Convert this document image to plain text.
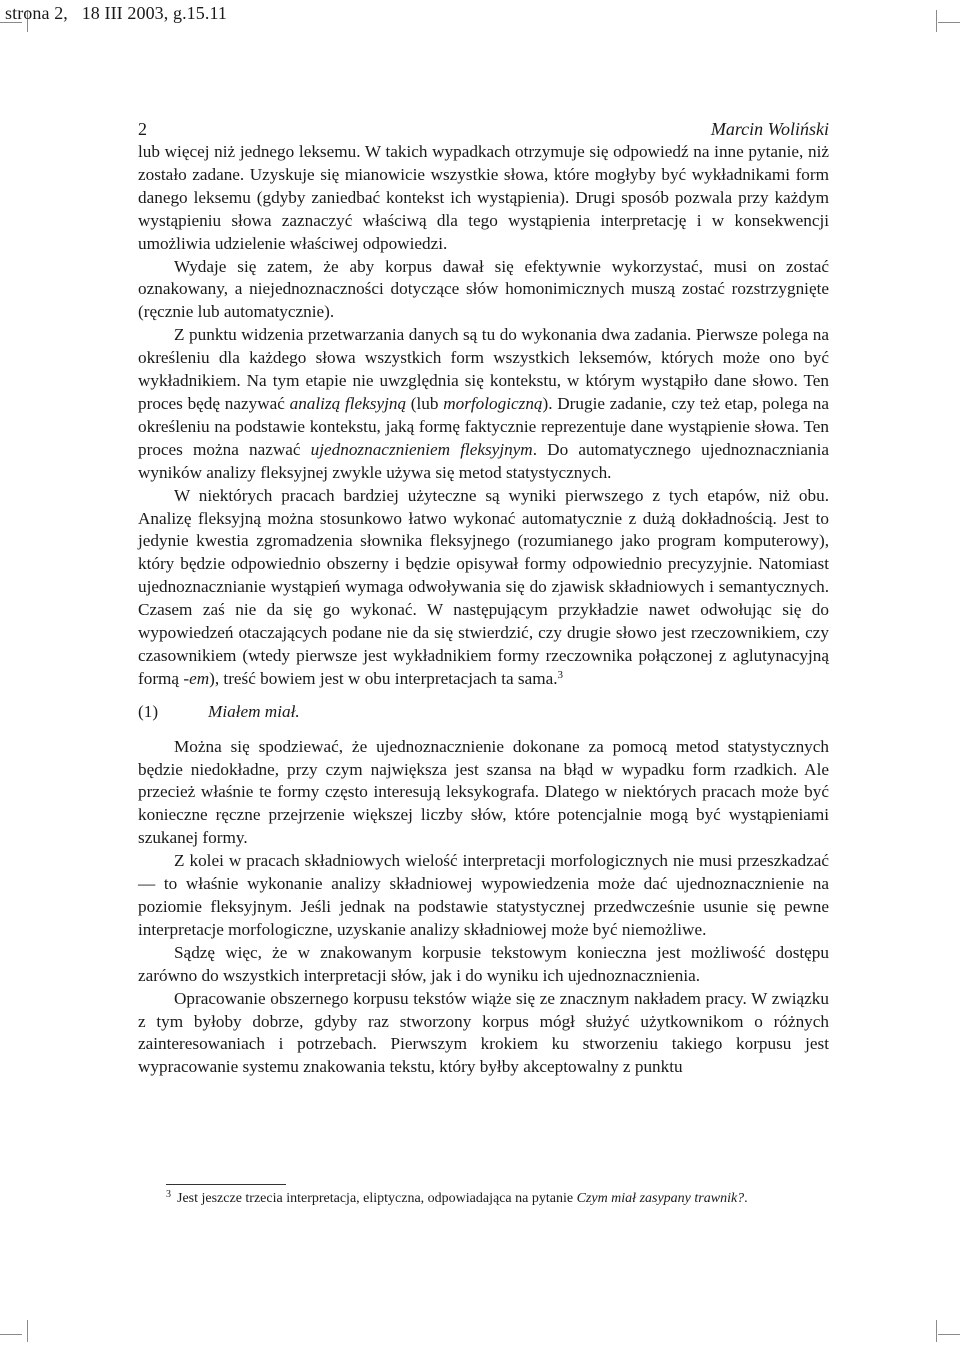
strona 2,   18 III 2003, g.15.11
2	Marcin Woliński

lub więcej niż jednego leksemu. W takich wypadkach otrzymuje się odpowiedź na inne pytanie, niż zostało zadane. Uzyskuje się mianowicie wszystkie słowa, które mogłyby być wykładnikami form danego leksemu (gdyby zaniedbać kontekst ich wystąpienia). Drugi sposób pozwala przy każdym wystąpieniu słowa zaznaczyć właściwą dla tego wystąpienia interpretację i w konsekwencji umożliwia udzielenie właściwej odpowiedzi.

Wydaje się zatem, że aby korpus dawał się efektywnie wykorzystać, musi on zostać oznakowany, a niejednoznaczności dotyczące słów homonimicznych muszą zostać rozstrzygnięte (ręcznie lub automatycznie).

Z punktu widzenia przetwarzania danych są tu do wykonania dwa zadania. Pierwsze polega na określeniu dla każdego słowa wszystkich form wszystkich leksemów, których może ono być wykładnikiem. Na tym etapie nie uwzględnia się kontekstu, w którym wystąpiło dane słowo. Ten proces będę nazywać analizą fleksyjną (lub morfologiczną). Drugie zadanie, czy też etap, polega na określeniu na podstawie kontekstu, jaką formę faktycznie reprezentuje dane wystąpienie słowa. Ten proces można nazwać ujednoznacznieniem fleksyjnym. Do automatycznego ujednoznaczniania wyników analizy fleksyjnej zwykle używa się metod statystycznych.

W niektórych pracach bardziej użyteczne są wyniki pierwszego z tych etapów, niż obu. Analizę fleksyjną można stosunkowo łatwo wykonać automatycznie z dużą dokładnością. Jest to jedynie kwestia zgromadzenia słownika fleksyjnego (rozumianego jako program komputerowy), który będzie odpowiednio obszerny i będzie opisywał formy odpowiednio precyzyjnie. Natomiast ujednoznacznianie wystąpień wymaga odwoływania się do zjawisk składniowych i semantycznych. Czasem zaś nie da się go wykonać. W następującym przykładzie nawet odwołując się do wypowiedzeń otaczających podane nie da się stwierdzić, czy drugie słowo jest rzeczownikiem, czy czasownikiem (wtedy pierwsze jest wykładnikiem formy rzeczownika połączonej z aglutynacyjną formą -em), treść bowiem jest w obu interpretacjach ta sama.$^3$

(1)	Miałem miał.

Można się spodziewać, że ujednoznacznienie dokonane za pomocą metod statystycznych będzie niedokładne, przy czym największa jest szansa na błąd w wypadku form rzadkich. Ale przecież właśnie te formy często interesują leksykografa. Dlatego w niektórych pracach może być konieczne ręczne przejrzenie większej liczby słów, które potencjalnie mogą być wystąpieniami szukanej formy.

Z kolei w pracach składniowych wielość interpretacji morfologicznych nie musi przeszkadzać — to właśnie wykonanie analizy składniowej wypowiedzenia może dać ujednoznacznienie na poziomie fleksyjnym. Jeśli jednak na podstawie statystycznej przedwcześnie usunie się pewne interpretacje morfologiczne, uzyskanie analizy składniowej może być niemożliwe.

Sądzę więc, że w znakowanym korpusie tekstowym konieczna jest możliwość dostępu zarówno do wszystkich interpretacji słów, jak i do wyniku ich ujednoznacznienia.

Opracowanie obszernego korpusu tekstów wiąże się ze znacznym nakładem pracy. W związku z tym byłoby dobrze, gdyby raz stworzony korpus mógł służyć użytkownikom o różnych zainteresowaniach i potrzebach. Pierwszym krokiem ku stworzeniu takiego korpusu jest wypracowanie systemu znakowania tekstu, który byłby akceptowalny z punktu

$^3$ Jest jeszcze trzecia interpretacja, eliptyczna, odpowiadająca na pytanie Czym miał zasypany trawnik?.
